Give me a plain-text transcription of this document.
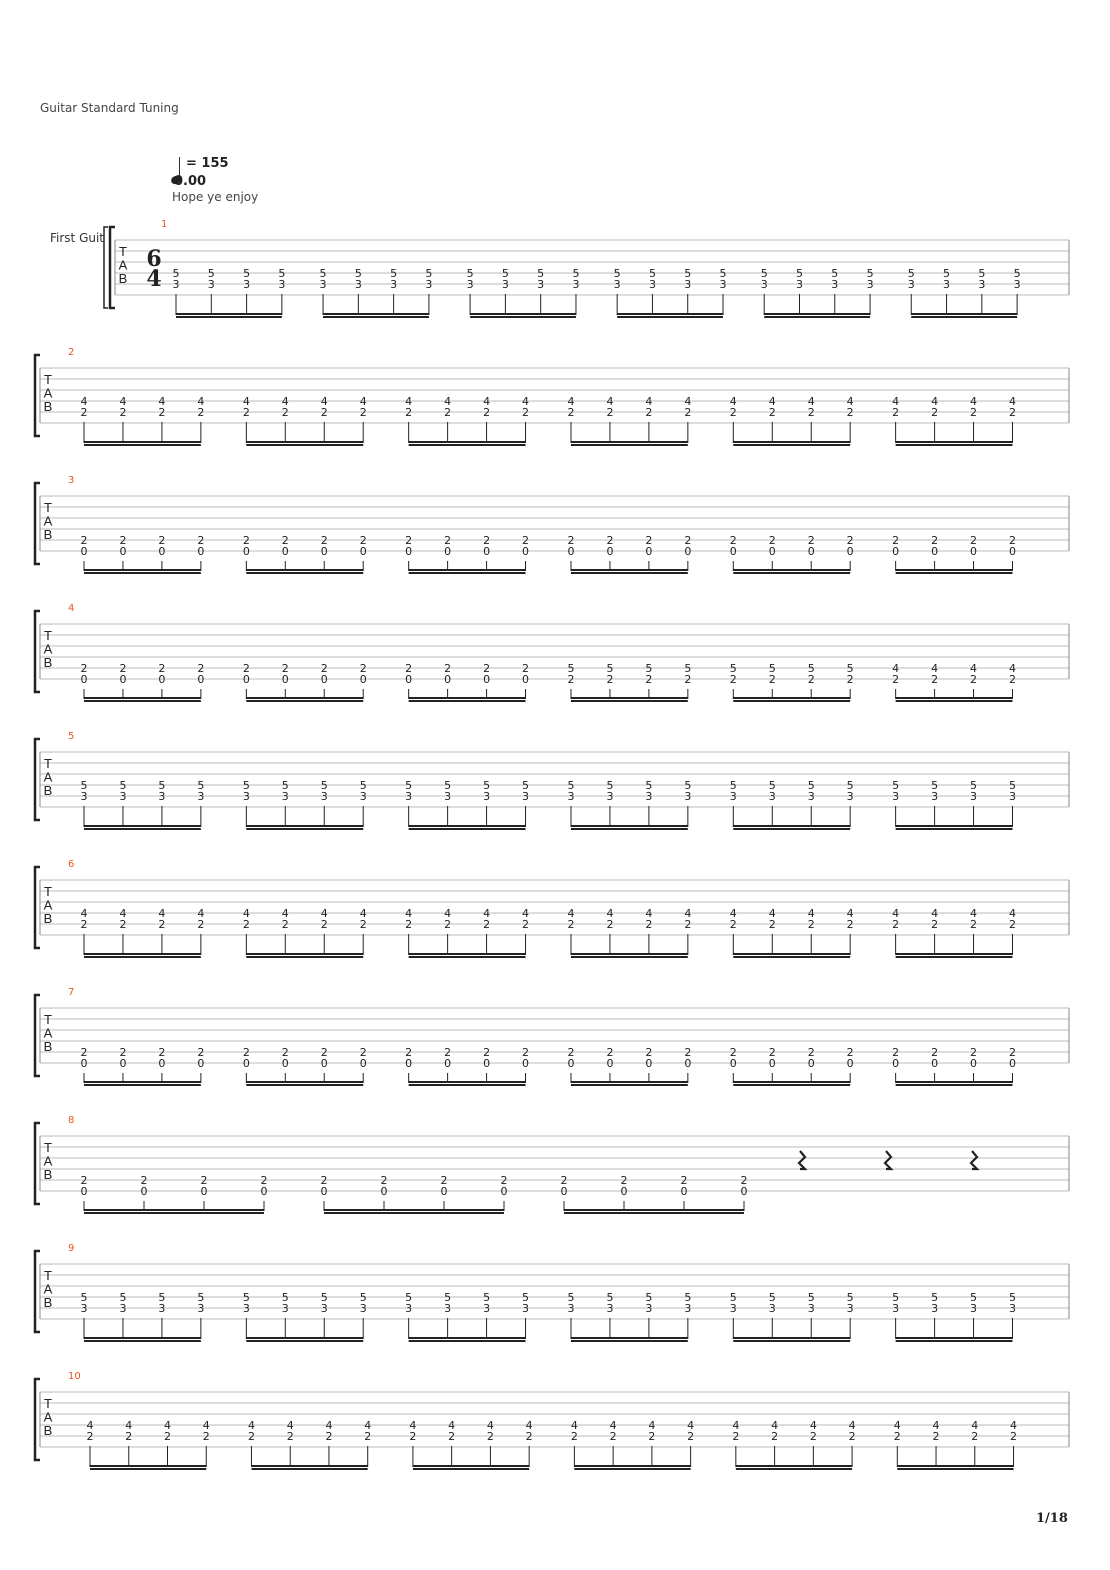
Guitar Standard Tuning
= 155
0.00
Hope ye enjoy
First Guit
T
A
B
6
4
1
5
3
5
3
5
3
5
3
5
3
5
3
5
3
5
3
5
3
5
3
5
3
5
3
5
3
5
3
5
3
5
3
5
3
5
3
5
3
5
3
5
3
5
3
5
3
5
3
T
A
B
2
4
2
4
2
4
2
4
2
4
2
4
2
4
2
4
2
4
2
4
2
4
2
4
2
4
2
4
2
4
2
4
2
4
2
4
2
4
2
4
2
4
2
4
2
4
2
4
2
T
A
B
3
2
0
2
0
2
0
2
0
2
0
2
0
2
0
2
0
2
0
2
0
2
0
2
0
2
0
2
0
2
0
2
0
2
0
2
0
2
0
2
0
2
0
2
0
2
0
2
0
T
A
B
4
2
0
2
0
2
0
2
0
2
0
2
0
2
0
2
0
2
0
2
0
2
0
2
0
5
2
5
2
5
2
5
2
5
2
5
2
5
2
5
2
4
2
4
2
4
2
4
2
T
A
B
5
5
3
5
3
5
3
5
3
5
3
5
3
5
3
5
3
5
3
5
3
5
3
5
3
5
3
5
3
5
3
5
3
5
3
5
3
5
3
5
3
5
3
5
3
5
3
5
3
T
A
B
6
4
2
4
2
4
2
4
2
4
2
4
2
4
2
4
2
4
2
4
2
4
2
4
2
4
2
4
2
4
2
4
2
4
2
4
2
4
2
4
2
4
2
4
2
4
2
4
2
T
A
B
7
2
0
2
0
2
0
2
0
2
0
2
0
2
0
2
0
2
0
2
0
2
0
2
0
2
0
2
0
2
0
2
0
2
0
2
0
2
0
2
0
2
0
2
0
2
0
2
0
T
A
B
8
2
0
2
0
2
0
2
0
2
0
2
0
2
0
2
0
2
0
2
0
2
0
2
0
T
A
B
9
5
3
5
3
5
3
5
3
5
3
5
3
5
3
5
3
5
3
5
3
5
3
5
3
5
3
5
3
5
3
5
3
5
3
5
3
5
3
5
3
5
3
5
3
5
3
5
3
T
A
B
10
4
2
4
2
4
2
4
2
4
2
4
2
4
2
4
2
4
2
4
2
4
2
4
2
4
2
4
2
4
2
4
2
4
2
4
2
4
2
4
2
4
2
4
2
4
2
4
2
1/18
